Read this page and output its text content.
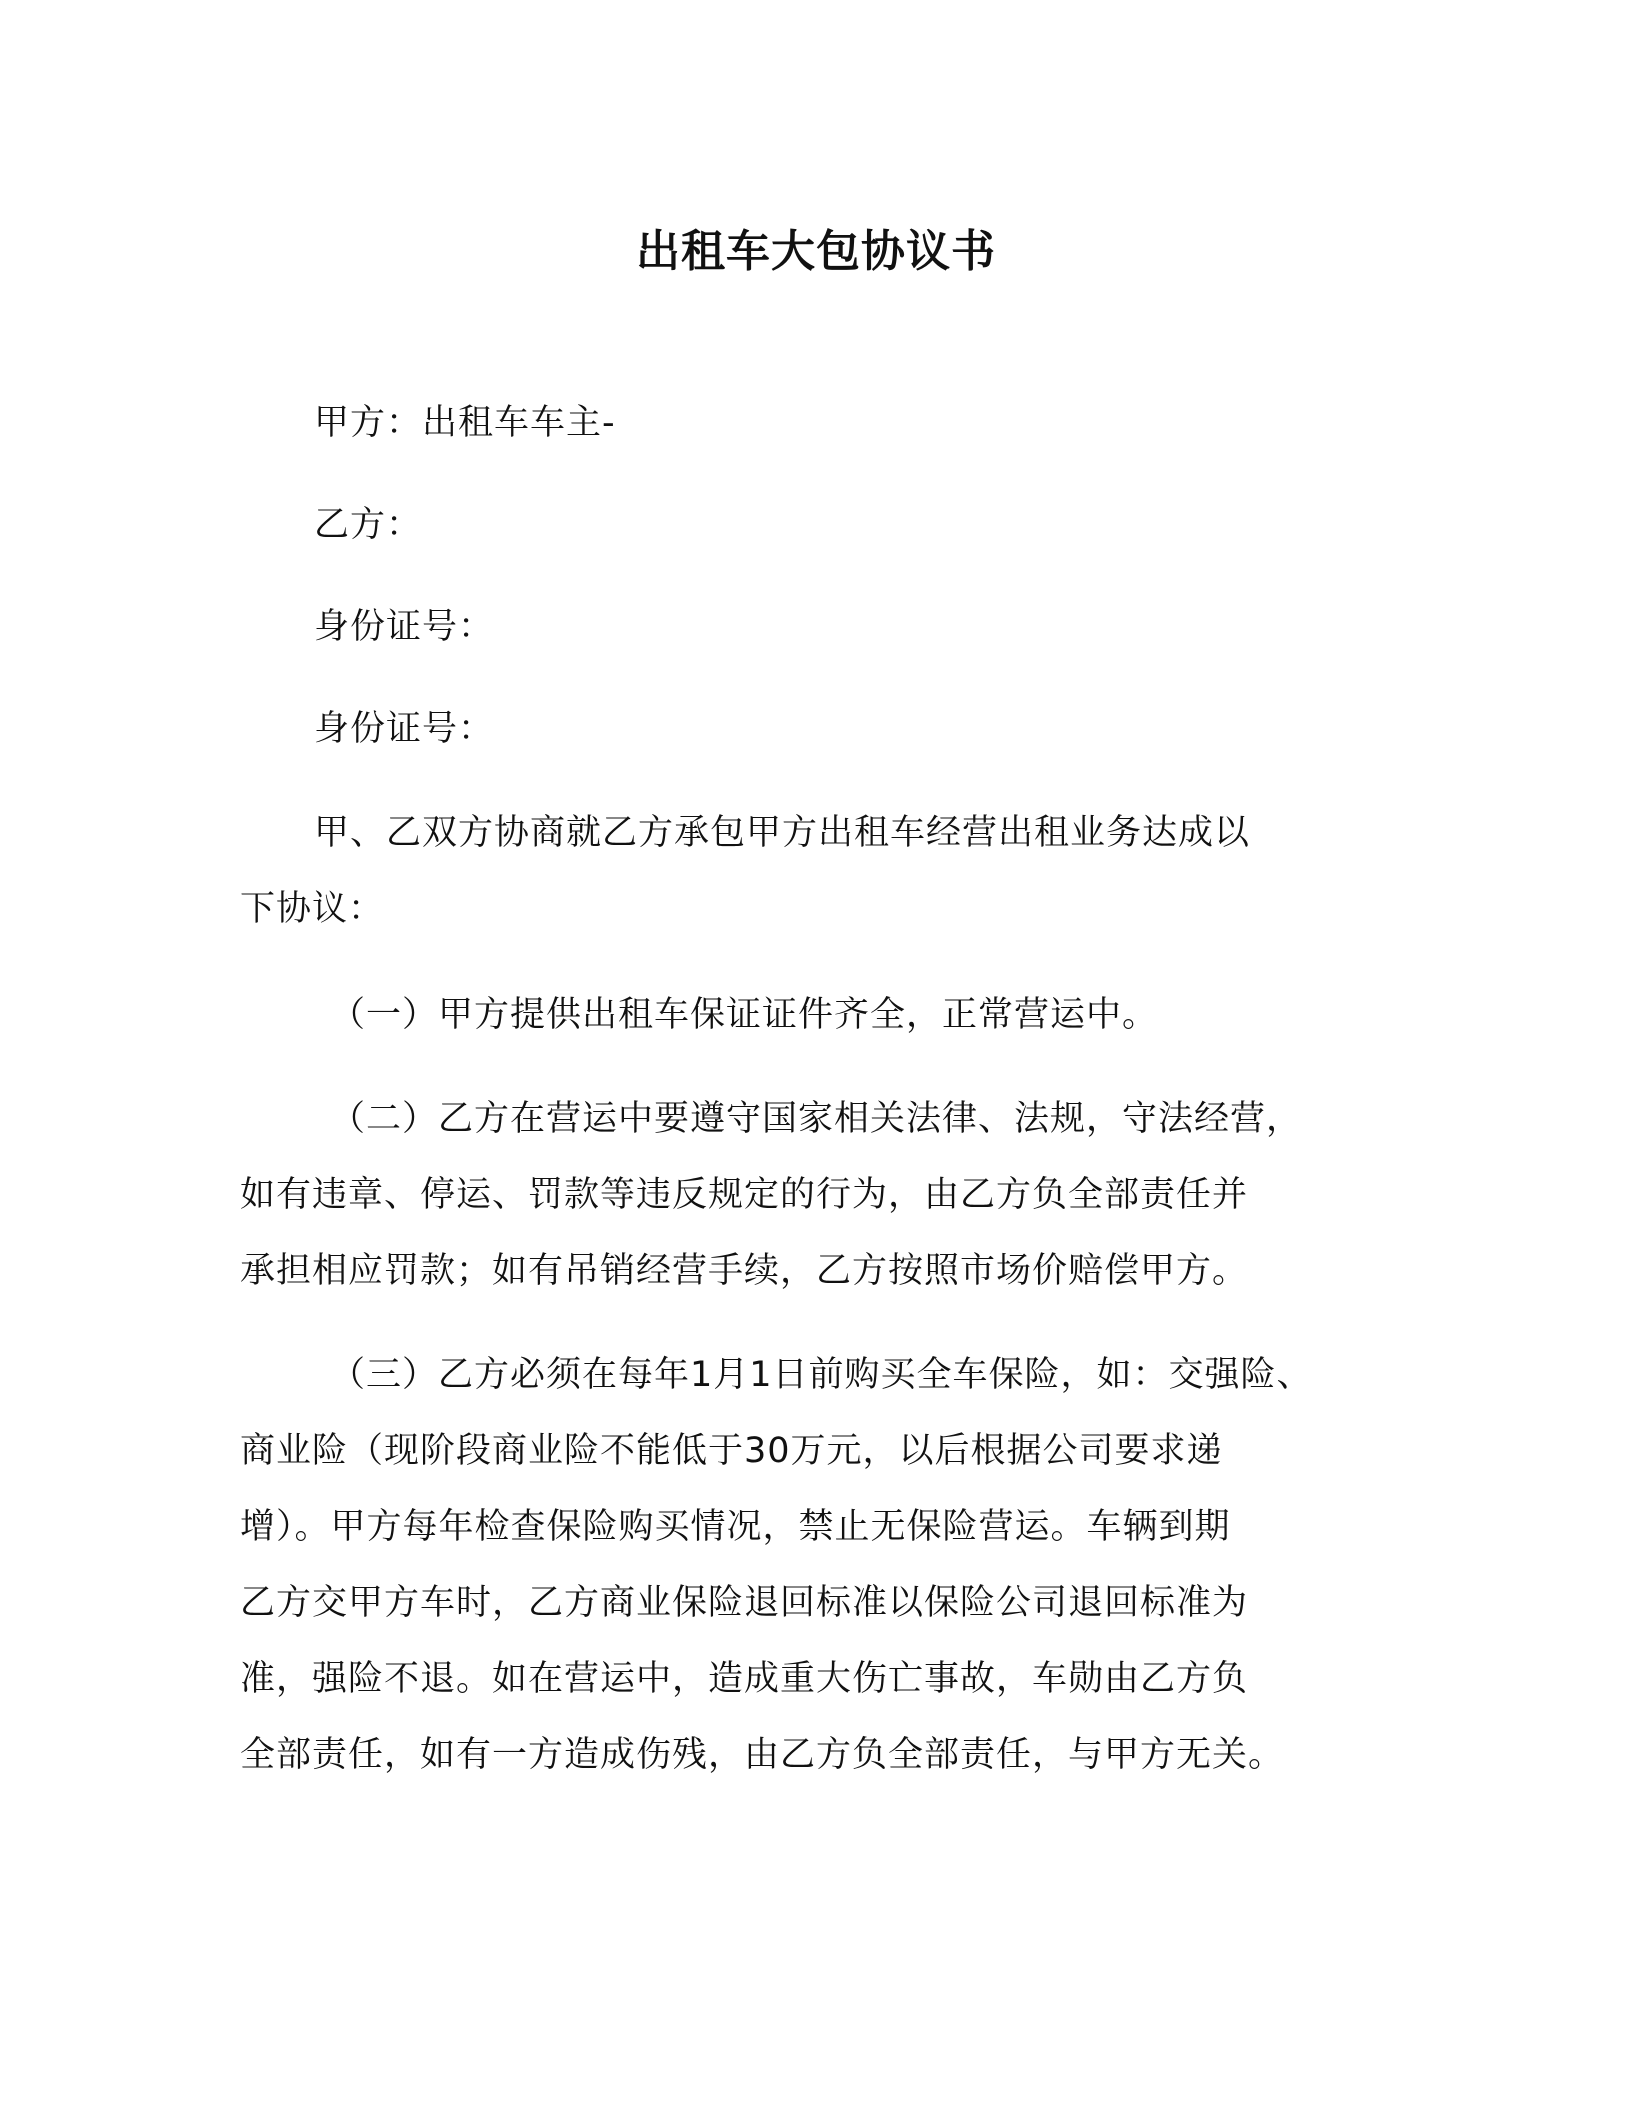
出租车大包协议书
甲方：出租车车主-
乙方：
身份证号：
身份证号：
甲、乙双方协商就乙方承包甲方出租车经营出租业务达成以
下协议：
（一）甲方提供出租车保证证件齐全，正常营运中。
（二）乙方在营运中要遵守国家相关法律、法规，守法经营，
如有违章、停运、罚款等违反规定的行为，由乙方负全部责任并
承担相应罚款；如有吊销经营手续，乙方按照市场价赔偿甲方。
（三）乙方必须在每年1月1日前购买全车保险，如：交强险、
商业险（现阶段商业险不能低于30万元，以后根据公司要求递
增）。甲方每年检查保险购买情况，禁止无保险营运。车辆到期
乙方交甲方车时，乙方商业保险退回标准以保险公司退回标准为
准，强险不退。如在营运中，造成重大伤亡事故，车勋由乙方负
全部责任，如有一方造成伤残，由乙方负全部责任，与甲方无关。
